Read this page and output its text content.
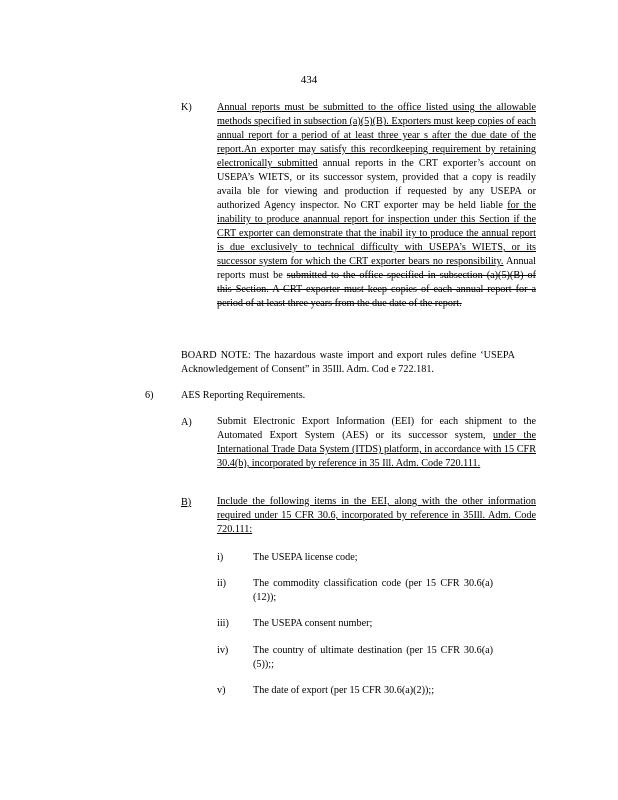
434
K) Annual reports must be submitted to the office listed using the allowable methods specified in subsection (a)(5)(B). Exporters must keep copies of each annual report for a period of at least three year s after the due date of the report.An exporter may satisfy this recordkeeping requirement by retaining electronically submitted annual reports in the CRT exporter’s account on USEPA’s WIETS, or its successor system, provided that a copy is readily availa ble for viewing and production if requested by any USEPA or authorized Agency inspector. No CRT exporter may be held liable for the inability to produce anannual report for inspection under this Section if the CRT exporter can demonstrate that the inabil ity to produce the annual report is due exclusively to technical difficulty with USEPA’s WIETS, or its successor system for which the CRT exporter bears no responsibility. Annual reports must be submitted to the office specified in subsection (a)(5)(B) of this Section. A CRT exporter must keep copies of each annual report for a period of at least three years from the due date of the report.
BOARD NOTE: The hazardous waste import and export rules define ‘USEPA Acknowledgement of Consent” in 35Ill. Adm. Cod e 722.181.
6)	AES Reporting Requirements.
A) Submit Electronic Export Information (EEI) for each shipment to the Automated Export System (AES) or its successor system, under the International Trade Data System (ITDS) platform, in accordance with 15 CFR 30.4(b), incorporated by reference in 35 Ill. Adm. Code 720.111.
B)	Include the following items in the EEI, along with the other information required under 15 CFR 30.6, incorporated by reference in 35Ill. Adm. Code 720.111:
i)	The USEPA license code;
ii)	The commodity classification code (per 15 CFR 30.6(a)(12));
iii) The USEPA consent number;
iv) The country of ultimate destination (per 15 CFR 30.6(a)(5));;
v)	The date of export (per 15 CFR 30.6(a)(2));;
